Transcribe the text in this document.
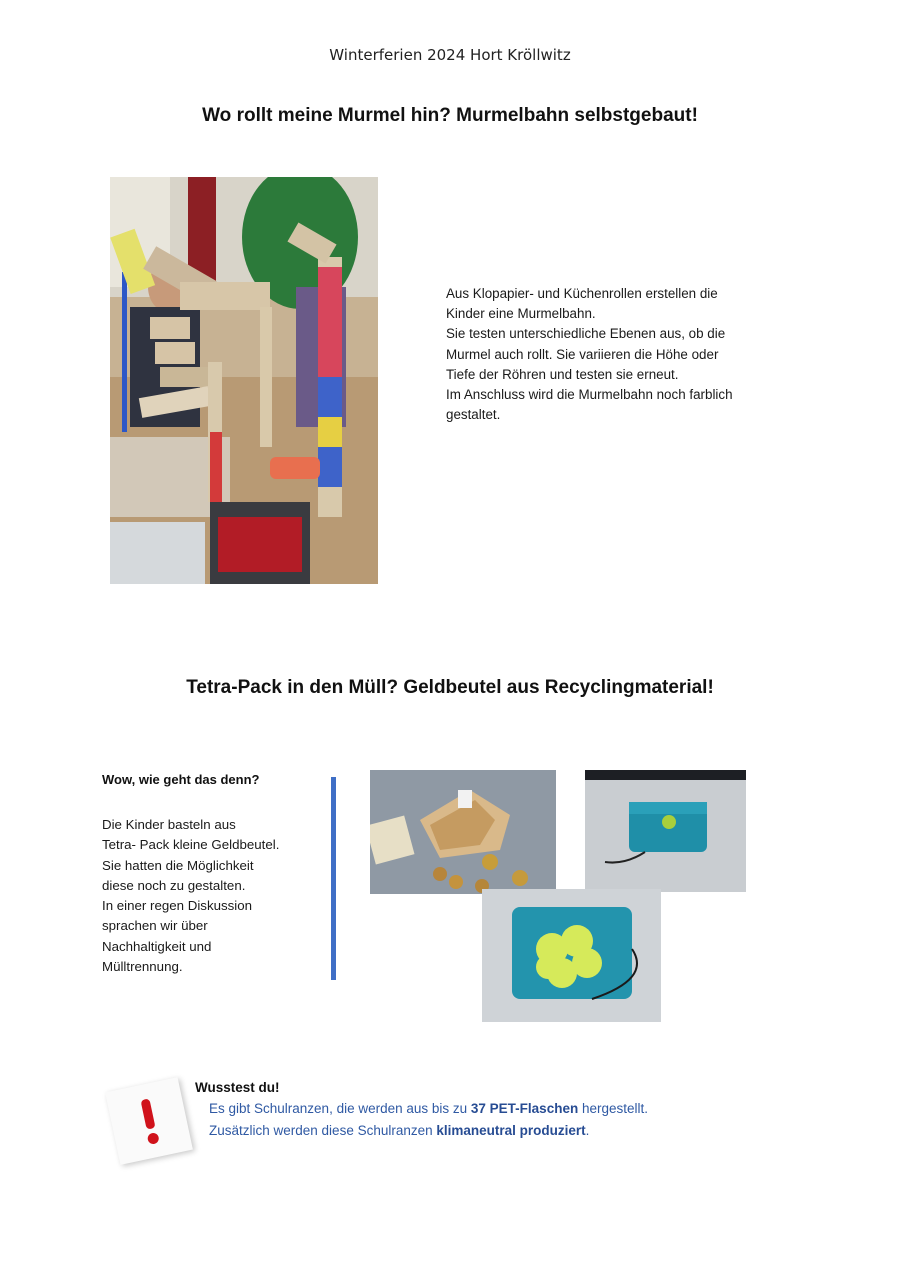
Winterferien 2024 Hort Kröllwitz
Wo rollt meine Murmel hin? Murmelbahn selbstgebaut!
Aus Klopapier- und Küchenrollen erstellen die
Kinder eine Murmelbahn.
Sie testen unterschiedliche Ebenen aus, ob die
Murmel auch rollt. Sie variieren die Höhe oder
Tiefe der Röhren und testen sie erneut.
Im Anschluss wird die Murmelbahn noch farblich
gestaltet.
Tetra-Pack in den Müll? Geldbeutel aus Recyclingmaterial!
Wow, wie geht das denn?
Die Kinder basteln aus
Tetra- Pack kleine Geldbeutel.
Sie hatten die Möglichkeit
diese noch zu gestalten.
In einer regen Diskussion
sprachen wir über
Nachhaltigkeit und
Mülltrennung.
Wusstest du!
Es gibt Schulranzen, die werden aus bis zu 37 PET-Flaschen hergestellt.
Zusätzlich werden diese Schulranzen klimaneutral produziert.
